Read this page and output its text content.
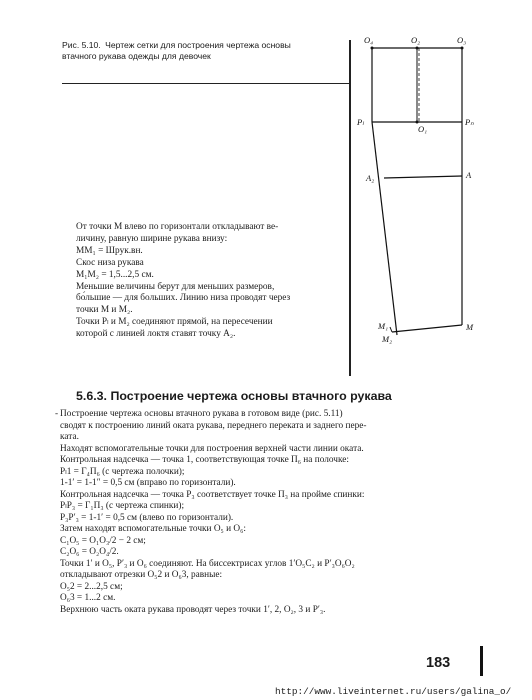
Рис. 5.10. Чертеж сетки для построения чертежа основы втачного рукава одежды для девочек
O₄	O₂	O₃
Pₗ
O₁
Pₙ
A₂	A
M₁
M₂
M

От точки M влево по горизонтали откладывают ве-

личину, равную ширине рукава внизу:

MM₁ = Шрук.вн.

Скос низа рукава

M₁M₂ = 1,5...2,5 см.

Меньшие величины берут для меньших размеров,

бо́льшие — для больших. Линию низа проводят через

точки M и M₂.

Точки Pₗ и M₂ соединяют прямой, на пересечении

которой с линией локтя ставят точку A₂.

5.6.3. Построение чертежа основы втачного рукава

- Построение чертежа основы втачного рукава в готовом виде (рис. 5.11)

сводят к построению линий оката рукава, переднего переката и заднего пере-

ката.

Находят вспомогательные точки для построения верхней части линии оката.

Контрольная надсечка — точка 1, соответствующая точке П₆ на полочке:

Pₗ1 = Г₄П₆ (с чертежа полочки);

1-1′ = 1-1″ = 0,5 см (вправо по горизонтали).

Контрольная надсечка — точка P₃ соответствует точке П₃ на пройме спинки:

PₗP₃ = Г₁П₃ (с чертежа спинки);

P₃P′₃ = 1-1′ = 0,5 см (влево по горизонтали).

Затем находят вспомогательные точки O₅ и O₆:

C₁O₅ = O₁O₃/2 − 2 см;

C₂O₆ = O₂O₄/2.

Точки 1′ и O₅, P′₃ и O₆ соединяют. На биссектрисах углов 1′O₅C₂ и P′₃O₆O₂

откладывают отрезки O₅2 и O₆3, равные:

O₅2 = 2...2,5 см;

O₆3 = 1...2 см.

Верхнюю часть оката рукава проводят через точки 1′, 2, O₂, 3 и P′₃.

183
http://www.liveinternet.ru/users/galina_o/
